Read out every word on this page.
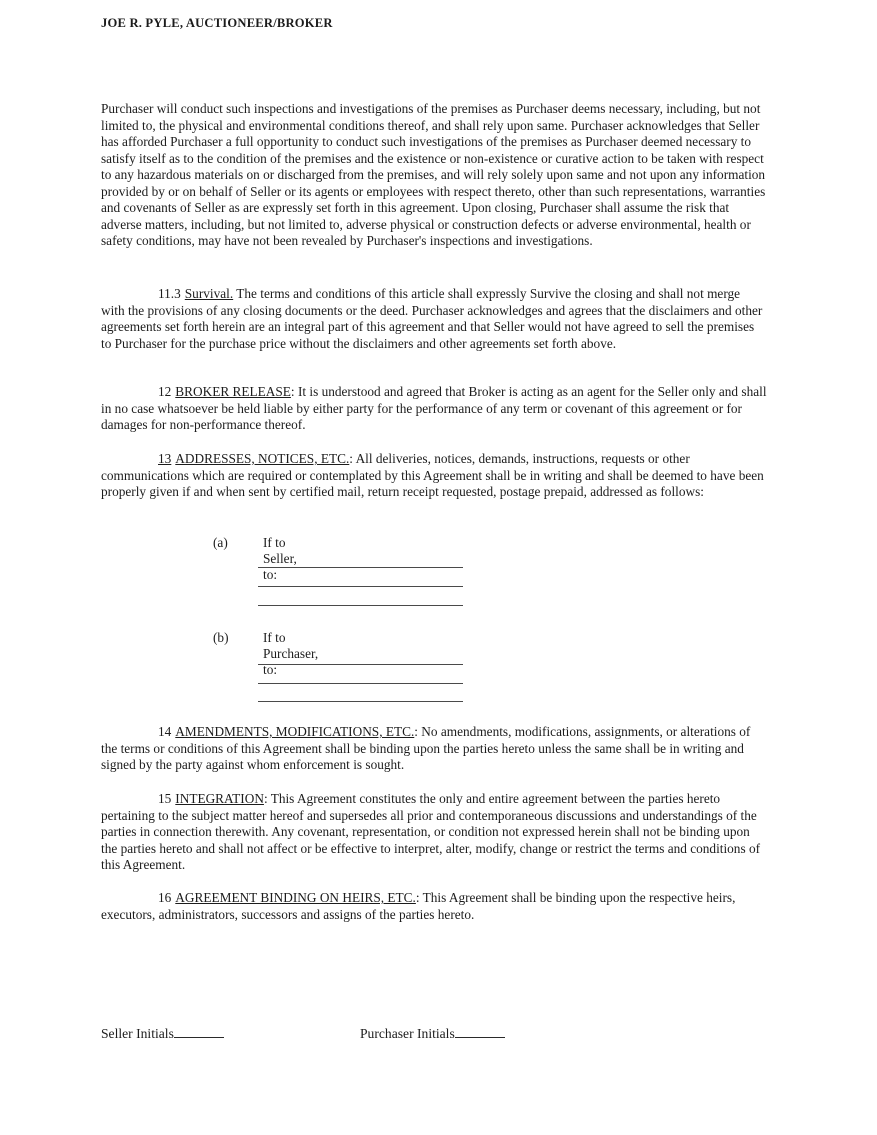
JOE R. PYLE, AUCTIONEER/BROKER
Purchaser will conduct such inspections and investigations of the premises as Purchaser deems necessary, including, but not limited to, the physical and environmental conditions thereof, and shall rely upon same. Purchaser acknowledges that Seller has afforded Purchaser a full opportunity to conduct such investigations of the premises as Purchaser deemed necessary to satisfy itself as to the condition of the premises and the existence or non-existence or curative action to be taken with respect to any hazardous materials on or discharged from the premises, and will rely solely upon same and not upon any information provided by or on behalf of Seller or its agents or employees with respect thereto, other than such representations, warranties and covenants of Seller as are expressly set forth in this agreement. Upon closing, Purchaser shall assume the risk that adverse matters, including, but not limited to, adverse physical or construction defects or adverse environmental, health or safety conditions, may have not been revealed by Purchaser's inspections and investigations.
11.3 Survival. The terms and conditions of this article shall expressly Survive the closing and shall not merge with the provisions of any closing documents or the deed. Purchaser acknowledges and agrees that the disclaimers and other agreements set forth herein are an integral part of this agreement and that Seller would not have agreed to sell the premises to Purchaser for the purchase price without the disclaimers and other agreements set forth above.
12 BROKER RELEASE: It is understood and agreed that Broker is acting as an agent for the Seller only and shall in no case whatsoever be held liable by either party for the performance of any term or covenant of this agreement or for damages for non-performance thereof.
13 ADDRESSES, NOTICES, ETC.: All deliveries, notices, demands, instructions, requests or other communications which are required or contemplated by this Agreement shall be in writing and shall be deemed to have been properly given if and when sent by certified mail, return receipt requested, postage prepaid, addressed as follows:
(a)	If to Seller, to:
(b)	If to Purchaser, to:
14 AMENDMENTS, MODIFICATIONS, ETC.: No amendments, modifications, assignments, or alterations of the terms or conditions of this Agreement shall be binding upon the parties hereto unless the same shall be in writing and signed by the party against whom enforcement is sought.
15 INTEGRATION: This Agreement constitutes the only and entire agreement between the parties hereto pertaining to the subject matter hereof and supersedes all prior and contemporaneous discussions and understandings of the parties in connection therewith. Any covenant, representation, or condition not expressed herein shall not be binding upon the parties hereto and shall not affect or be effective to interpret, alter, modify, change or restrict the terms and conditions of this Agreement.
16 AGREEMENT BINDING ON HEIRS, ETC.: This Agreement shall be binding upon the respective heirs, executors, administrators, successors and assigns of the parties hereto.
Seller Initials	Purchaser Initials
